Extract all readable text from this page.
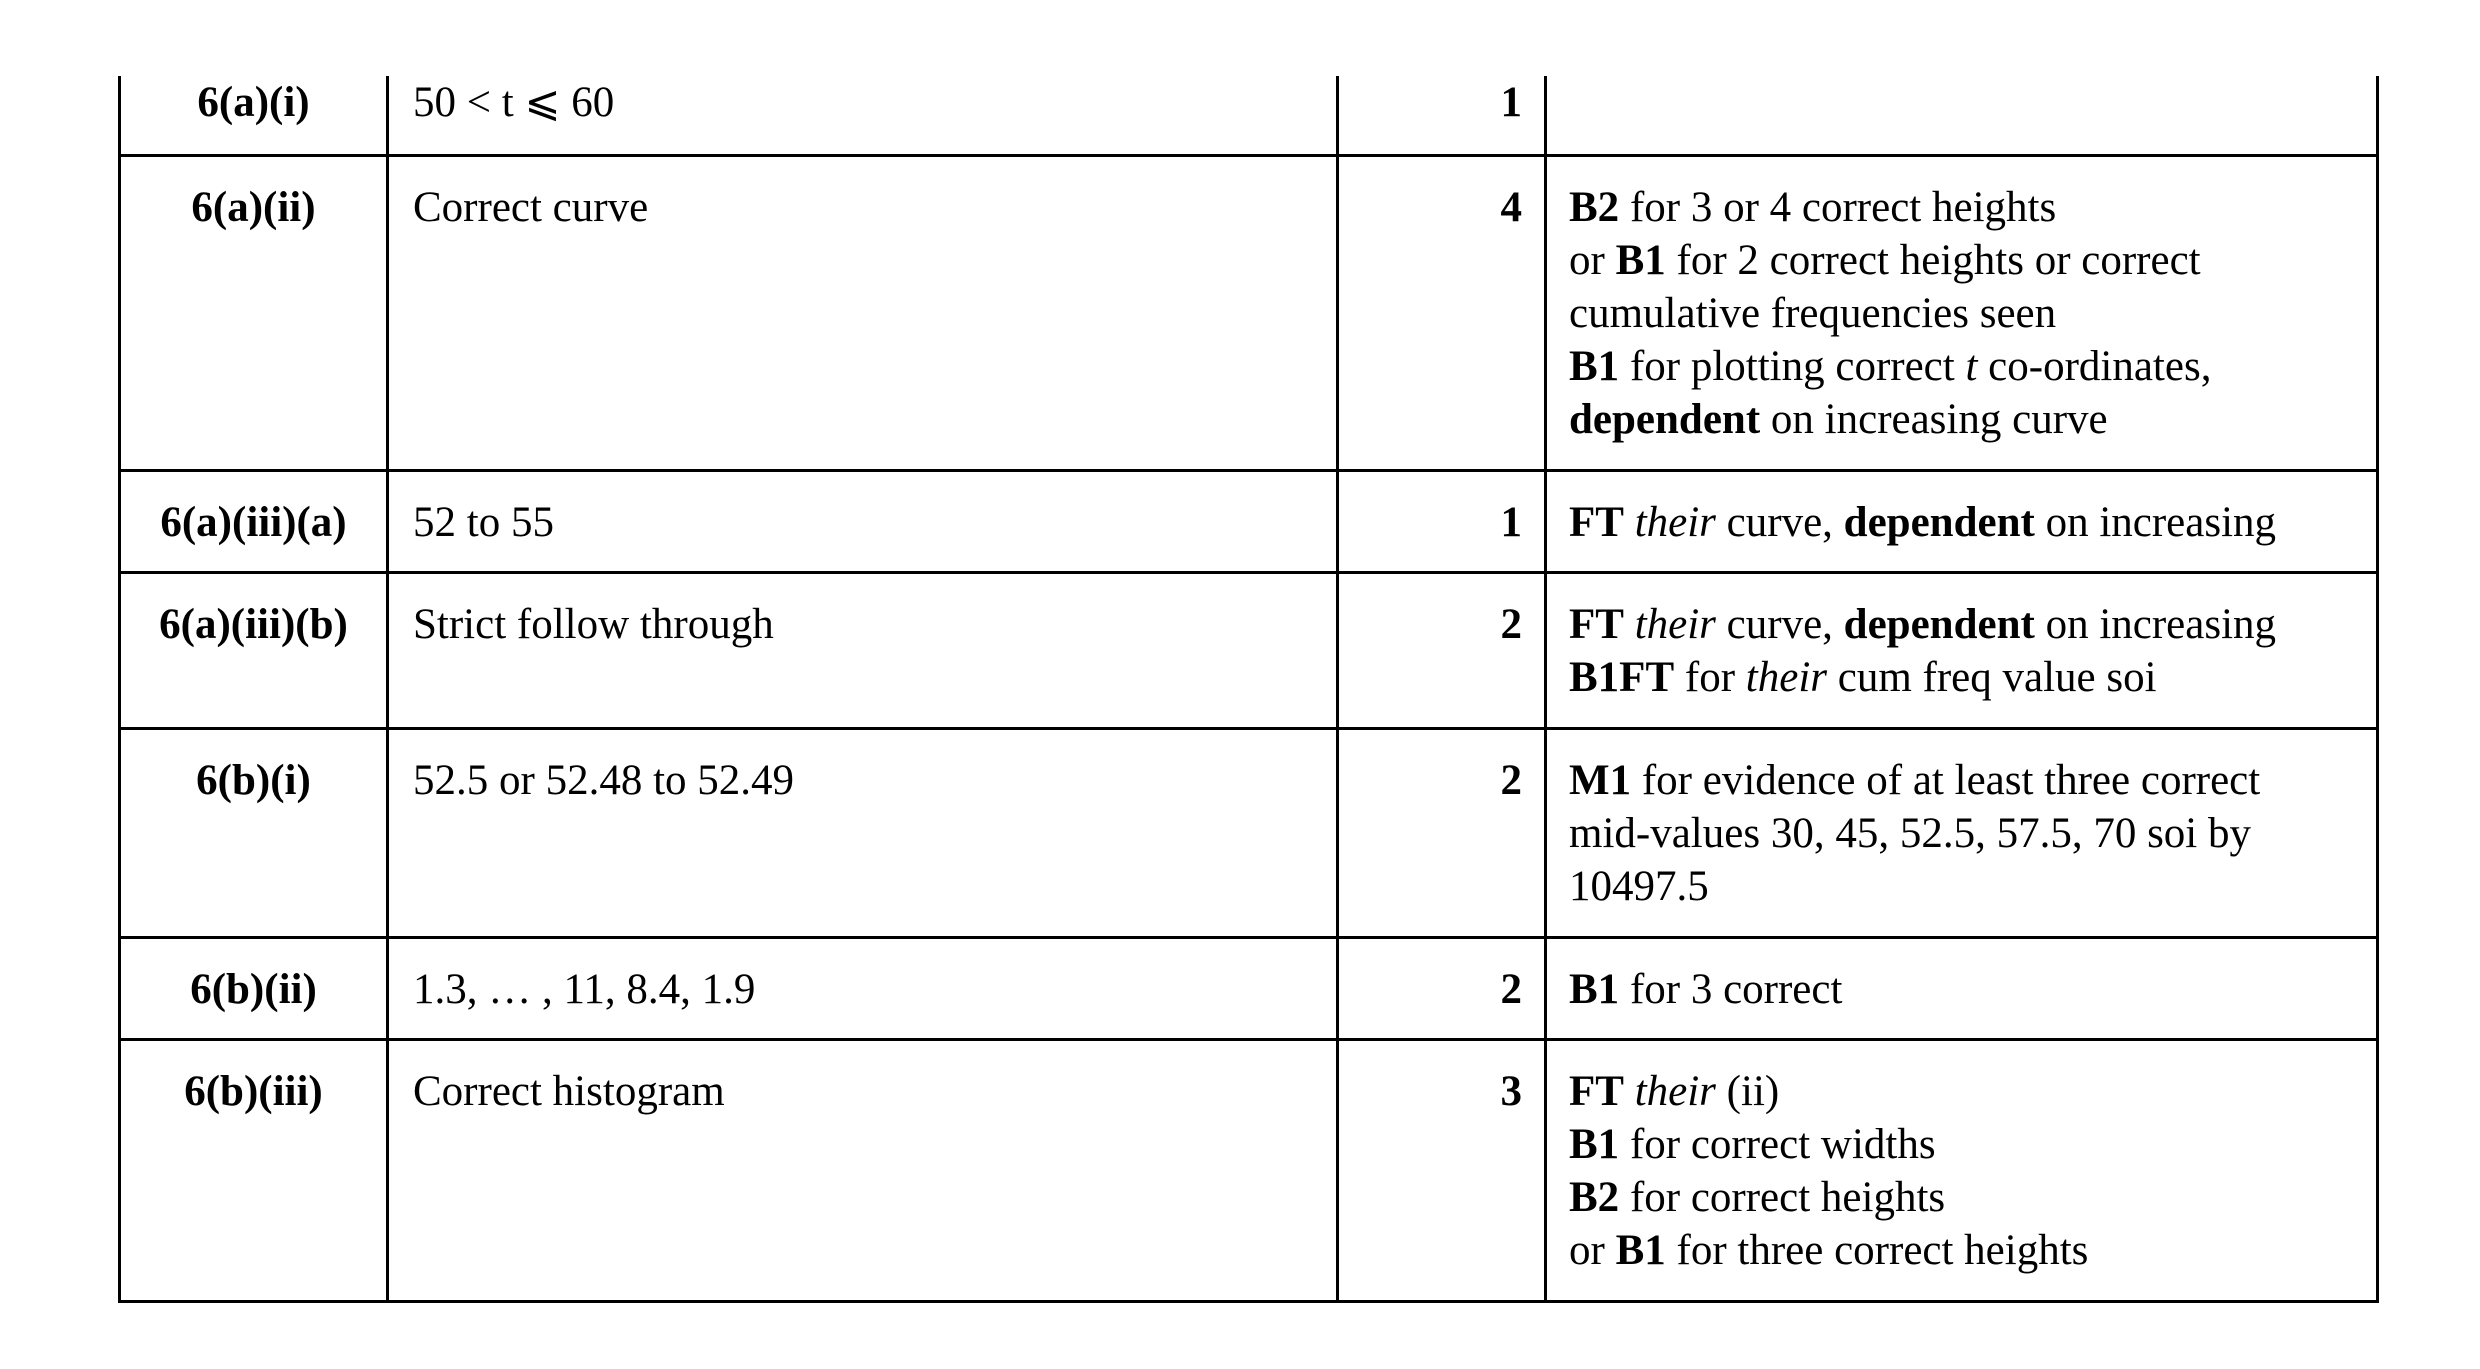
6(a)(i)	50 < t ⩽ 60	1	
6(a)(ii)	Correct curve	4	B2 for 3 or 4 correct heights
or B1 for 2 correct heights or correct
cumulative frequencies seen
B1 for plotting correct t co-ordinates,
dependent on increasing curve

6(a)(iii)(a)	52 to 55	1	FT their curve, dependent on increasing

6(a)(iii)(b)	Strict follow through	2	FT their curve, dependent on increasing
B1FT for their cum freq value soi

6(b)(i)	52.5 or 52.48 to 52.49	2	M1 for evidence of at least three correct
mid-values 30, 45, 52.5, 57.5, 70 soi by
10497.5

6(b)(ii)	1.3, … , 11, 8.4, 1.9	2	B1 for 3 correct

6(b)(iii)	Correct histogram	3	FT their (ii)
B1 for correct widths
B2 for correct heights
or B1 for three correct heights
